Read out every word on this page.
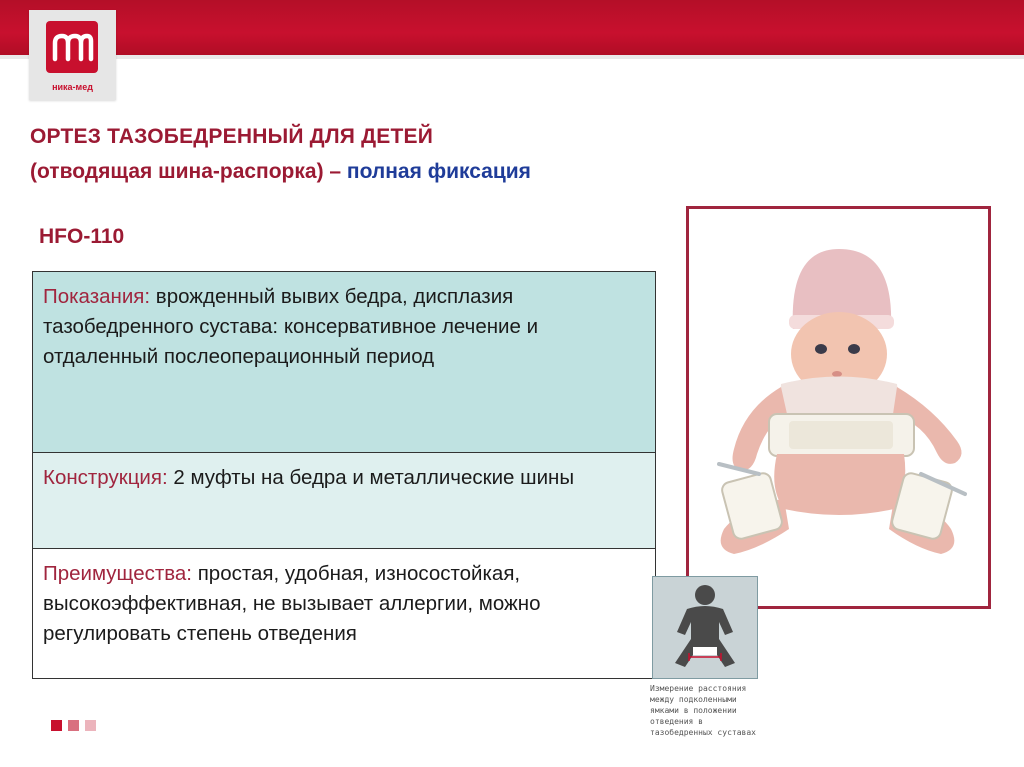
ника-мед
ОРТЕЗ ТАЗОБЕДРЕННЫЙ ДЛЯ ДЕТЕЙ
(отводящая шина-распорка) – полная фиксация
HFO-110
Показания: врожденный вывих бедра, дисплазия тазобедренного сустава: консервативное лечение и отдаленный послеоперационный период
Конструкция: 2 муфты на бедра и металлические шины
Преимущества: простая, удобная, износостойкая, высокоэффективная, не вызывает аллергии, можно регулировать степень отведения
Измерение расстояния между подколенными ямками в положении отведения в тазобедренных суставах
